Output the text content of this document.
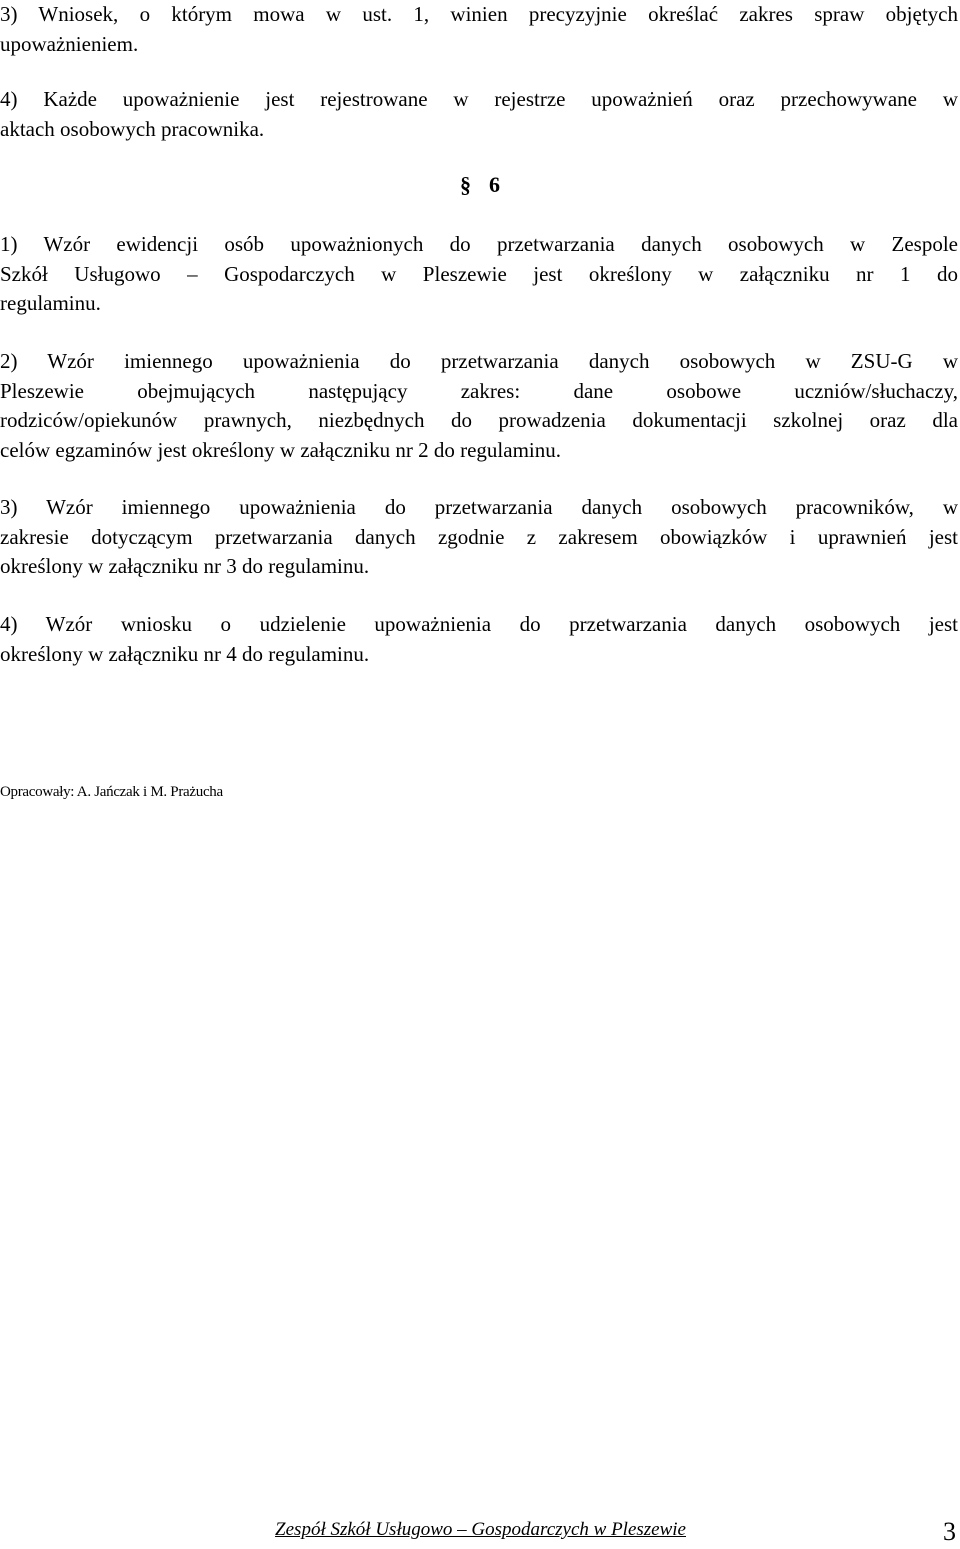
3) Wniosek, o którym mowa w ust. 1, winien precyzyjnie określać zakres spraw objętych
upoważnieniem.

4) Każde upoważnienie jest rejestrowane w rejestrze upoważnień oraz przechowywane w
aktach osobowych pracownika.

§ 6

1) Wzór ewidencji osób upoważnionych do przetwarzania danych osobowych w Zespole
Szkół Usługowo – Gospodarczych w Pleszewie jest określony w załączniku nr 1 do
regulaminu.

2) Wzór imiennego upoważnienia do przetwarzania danych osobowych w ZSU-G w
Pleszewie obejmujących następujący zakres: dane osobowe uczniów/słuchaczy,
rodziców/opiekunów prawnych, niezbędnych do prowadzenia dokumentacji szkolnej oraz dla
celów egzaminów jest określony w załączniku nr 2 do regulaminu.

3) Wzór imiennego upoważnienia do przetwarzania danych osobowych pracowników, w
zakresie dotyczącym przetwarzania danych zgodnie z zakresem obowiązków i uprawnień jest
określony w załączniku nr 3 do regulaminu.

4) Wzór wniosku o udzielenie upoważnienia do przetwarzania danych osobowych jest
określony w załączniku nr 4 do regulaminu.

Opracowały: A. Jańczak i M. Prażucha
Zespół Szkół Usługowo – Gospodarczych w Pleszewie	3
